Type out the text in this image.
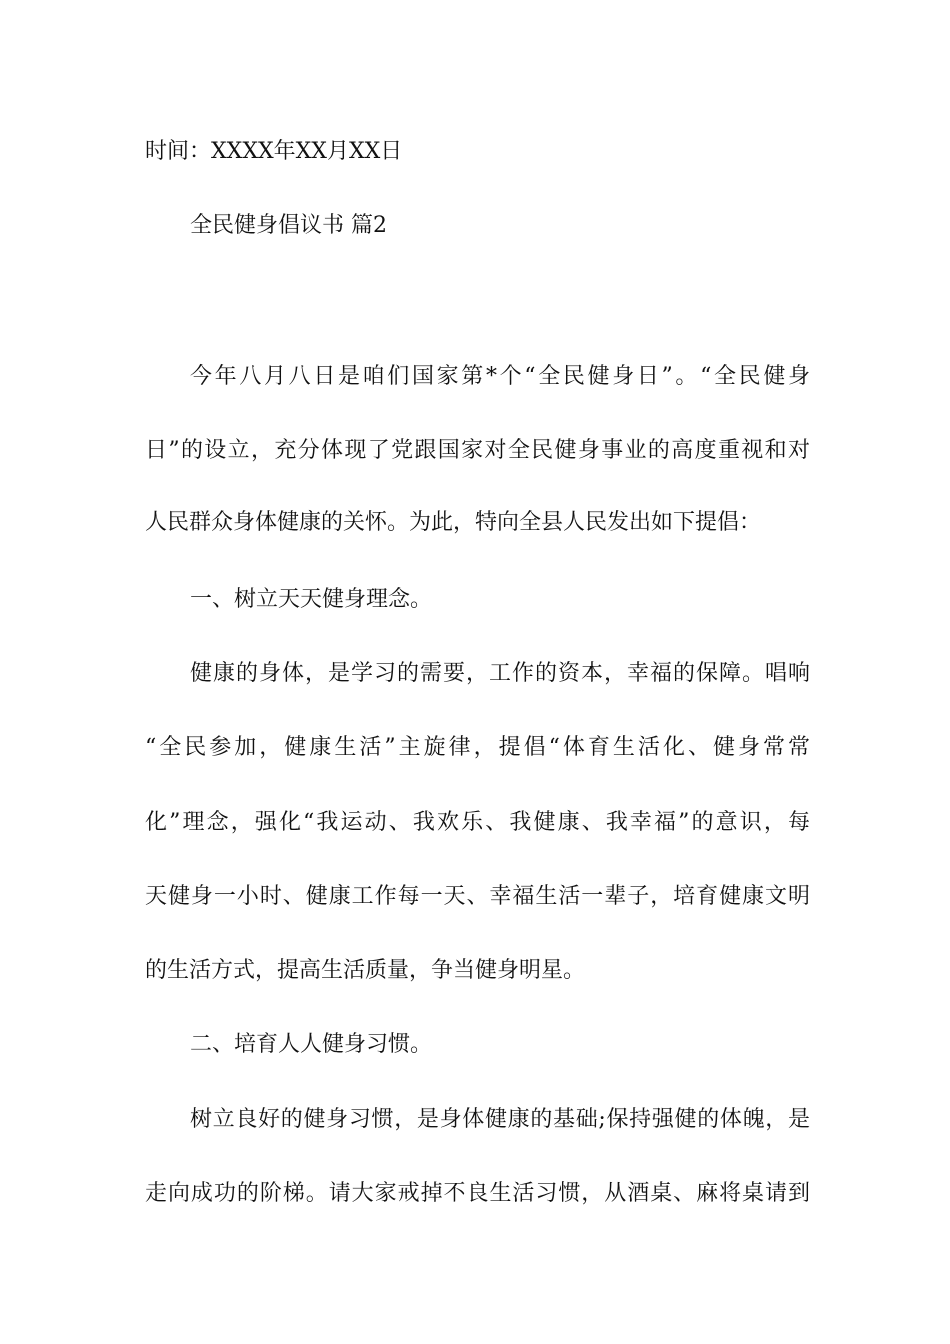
时间：XXXX年XX月XX日
全民健身倡议书 篇2
今年八月八日是咱们国家第*个“全民健身日”。“全民健身
日”的设立，充分体现了党跟国家对全民健身事业的高度重视和对
人民群众身体健康的关怀。为此，特向全县人民发出如下提倡：
一、树立天天健身理念。
健康的身体，是学习的需要，工作的资本，幸福的保障。唱响
“全民参加，健康生活”主旋律，提倡“体育生活化、健身常常
化”理念，强化“我运动、我欢乐、我健康、我幸福”的意识，每
天健身一小时、健康工作每一天、幸福生活一辈子，培育健康文明
的生活方式，提高生活质量，争当健身明星。
二、培育人人健身习惯。
树立良好的健身习惯，是身体健康的基础;保持强健的体魄，是
走向成功的阶梯。请大家戒掉不良生活习惯，从酒桌、麻将桌请到
